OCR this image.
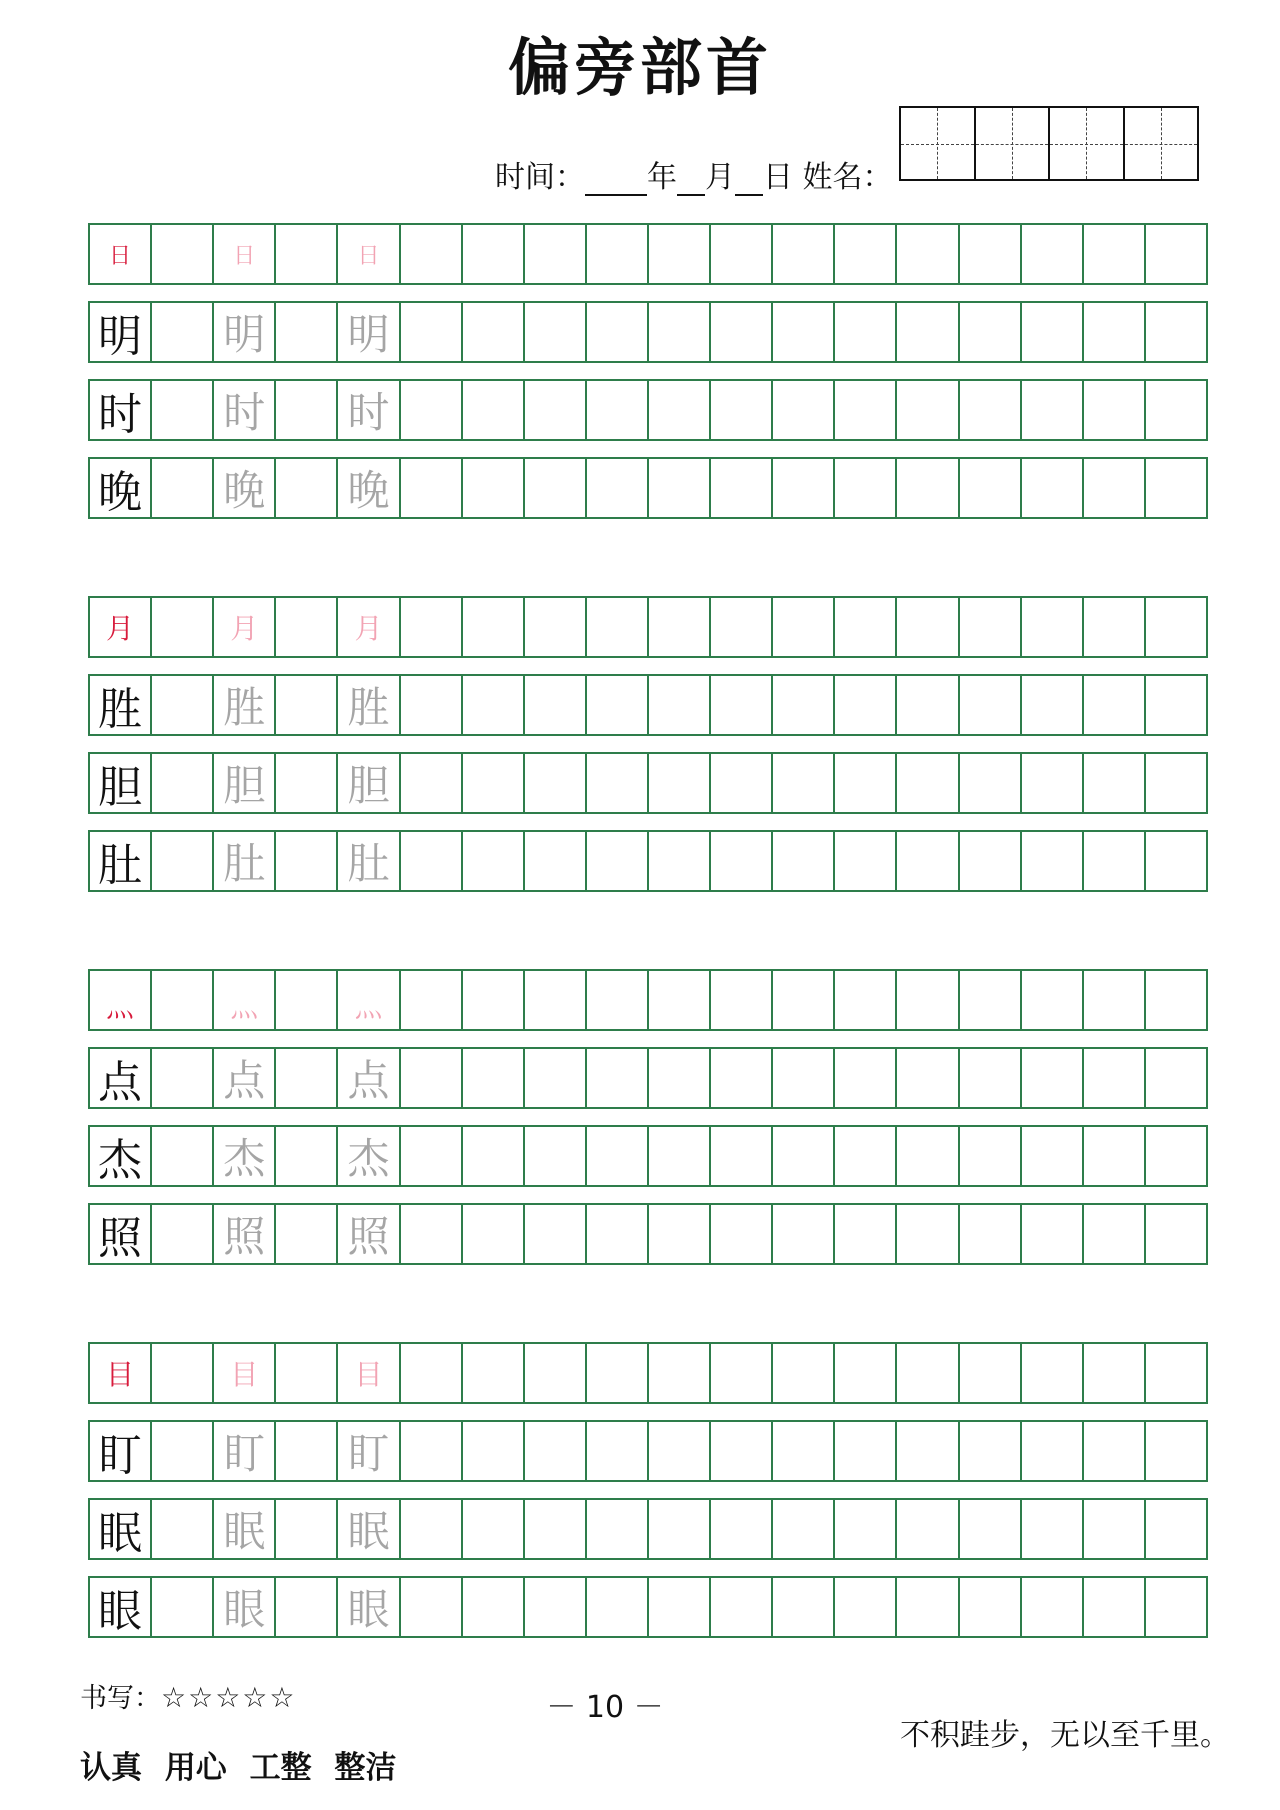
偏旁部首
时间： 年 月 日 姓名：
日	日	日
明 明 明
时 时 时
晚 晚 晚
月	月	月
胜 胜 胜
胆 胆 胆
肚 肚 肚
灬	灬	灬
点 点 点
杰 杰 杰
照 照 照
目	目	目
盯 盯 盯
眠 眠 眠
眼 眼 眼
书写：☆☆☆☆☆	－ 10 －
认真 用心 工整 整洁
不积跬步，无以至千里。
